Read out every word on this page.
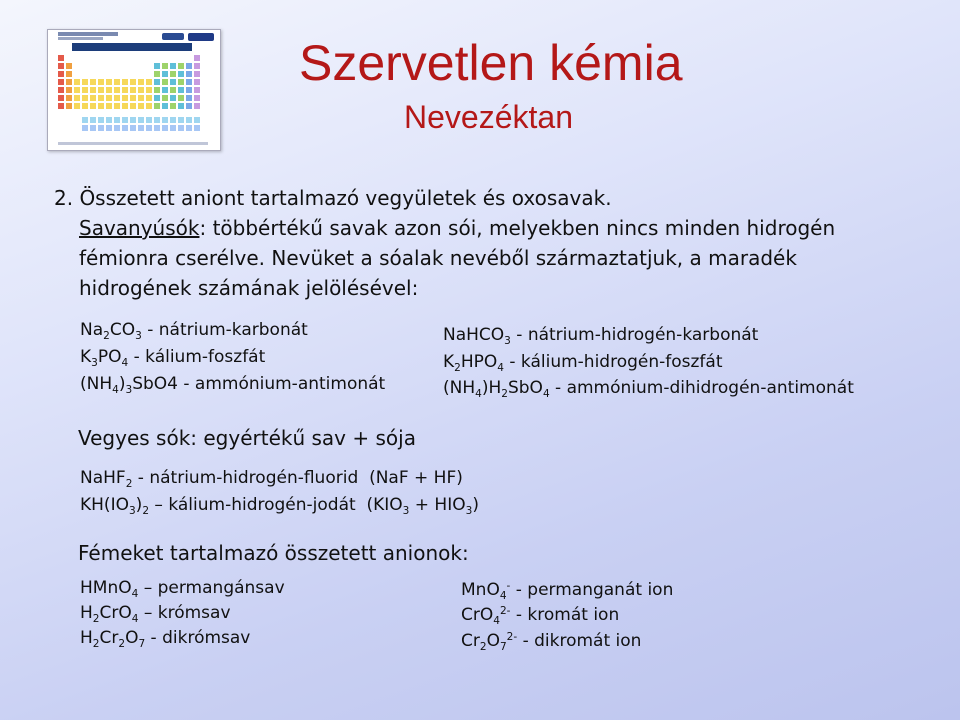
Szervetlen kémia
Nevezéktan
2. Összetett aniont tartalmazó vegyületek és oxosavak.
Savanyúsók: többértékű savak azon sói, melyekben nincs minden hidrogén
fémionra cserélve. Nevüket a sóalak nevéből származtatjuk, a maradék
hidrogének számának jelölésével:
$Na_2CO_3$ - nátrium-karbonát
$K_3PO_4$ - kálium-foszfát
$(NH_4)_3SbO4$ - ammónium-antimonát
NaHCO$_3$ - nátrium-hidrogén-karbonát
$K_2HPO_4$ - kálium-hidrogén-foszfát
$(NH_4)H_2SbO_4$ - ammónium-dihidrogén-antimonát
Vegyes sók: egyértékű sav + sója
NaHF$_2$ - nátrium-hidrogén-fluorid (NaF + HF)
$KH(IO_3)_2$ – kálium-hidrogén-jodát $(KIO_3 + HIO_3)$
Fémeket tartalmazó összetett anionok:
HMnO$_4$ – permangánsav
$H_2CrO_4$ – krómsav
$H_2Cr_2O_7$ - dikrómsav
MnO$_4$- - permanganát ion
CrO$_4^{2-}$ - kromát ion
$Cr_2O_7^{2-}$ - dikromát ion
